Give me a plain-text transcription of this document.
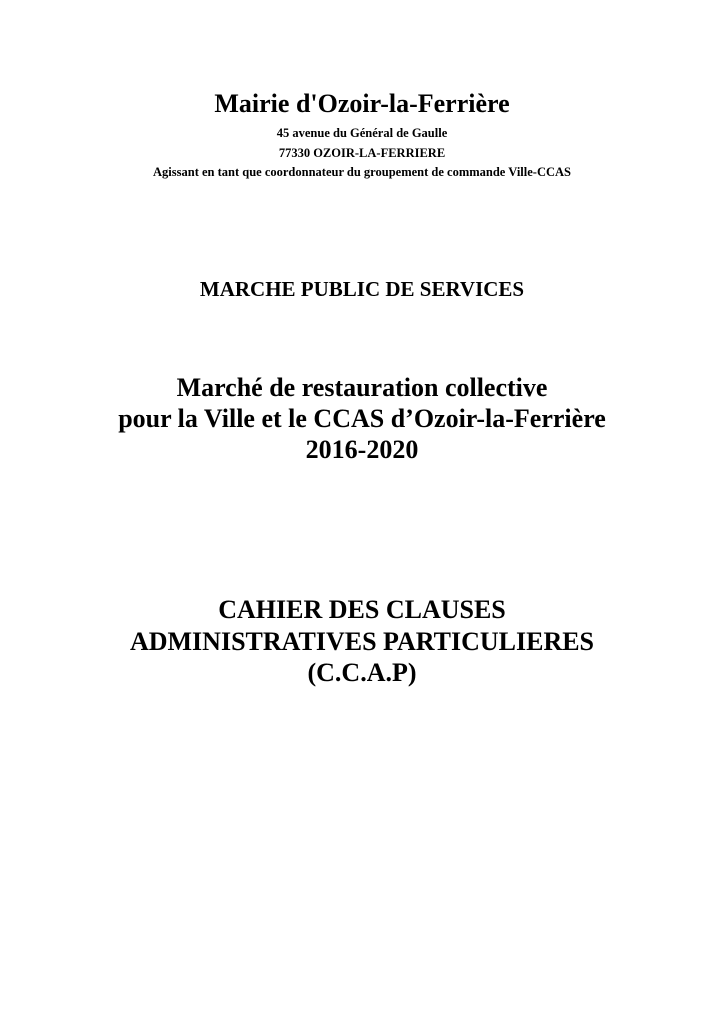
Mairie d'Ozoir-la-Ferrière
45 avenue du Général de Gaulle
77330 OZOIR-LA-FERRIERE
Agissant en tant que coordonnateur du groupement de commande Ville-CCAS
MARCHE PUBLIC DE SERVICES
Marché de restauration collective
pour la Ville et le CCAS d’Ozoir-la-Ferrière
2016-2020
CAHIER DES CLAUSES
ADMINISTRATIVES PARTICULIERES
(C.C.A.P)
